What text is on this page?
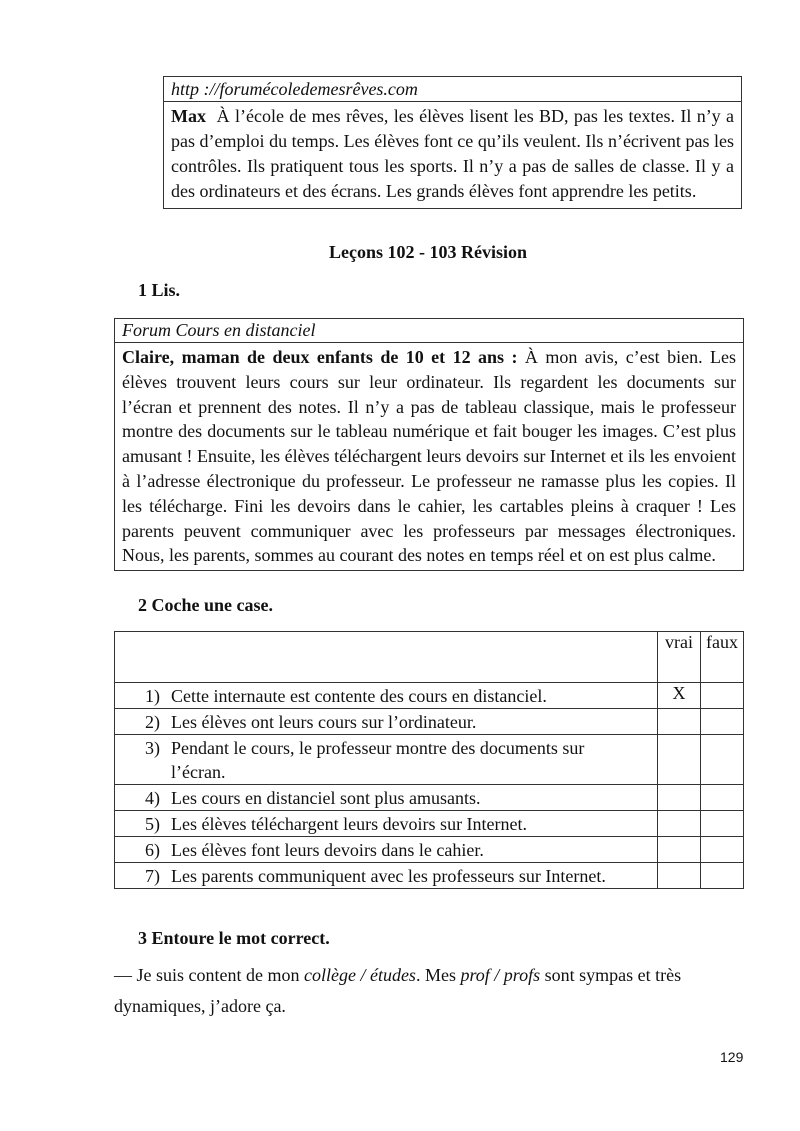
http ://forumécoledemesrêves.com
Max À l’école de mes rêves, les élèves lisent les BD, pas les textes. Il n’y a pas d’emploi du temps. Les élèves font ce qu’ils veulent. Ils n’écrivent pas les contrôles. Ils pratiquent tous les sports. Il n’y a pas de salles de classe. Il y a des ordinateurs et des écrans. Les grands élèves font apprendre les petits.
Leçons 102 - 103 Révision
1 Lis.
Forum Cours en distanciel
Claire, maman de deux enfants de 10 et 12 ans : À mon avis, c’est bien. Les élèves trouvent leurs cours sur leur ordinateur. Ils regardent les documents sur l’écran et prennent des notes. Il n’y a pas de tableau classique, mais le professeur montre des documents sur le tableau numérique et fait bouger les images. C’est plus amusant ! Ensuite, les élèves téléchargent leurs devoirs sur Internet et ils les envoient à l’adresse électronique du professeur. Le professeur ne ramasse plus les copies. Il les télécharge. Fini les devoirs dans le cahier, les cartables pleins à craquer ! Les parents peuvent communiquer avec les professeurs par messages électroniques. Nous, les parents, sommes au courant des notes en temps réel et on est plus calme.
2 Coche une case.
	vrai	faux

1) Cette internaute est contente des cours en distanciel.	X	

2) Les élèves ont leurs cours sur l’ordinateur.		

3) Pendant le cours, le professeur montre des documents sur l’écran.		

4) Les cours en distanciel sont plus amusants.		

5) Les élèves téléchargent leurs devoirs sur Internet.		

6) Les élèves font leurs devoirs dans le cahier.		

7) Les parents communiquent avec les professeurs sur Internet.		

3 Entoure le mot correct.
— Je suis content de mon collège / études. Mes prof / profs sont sympas et très dynamiques, j’adore ça.
129
